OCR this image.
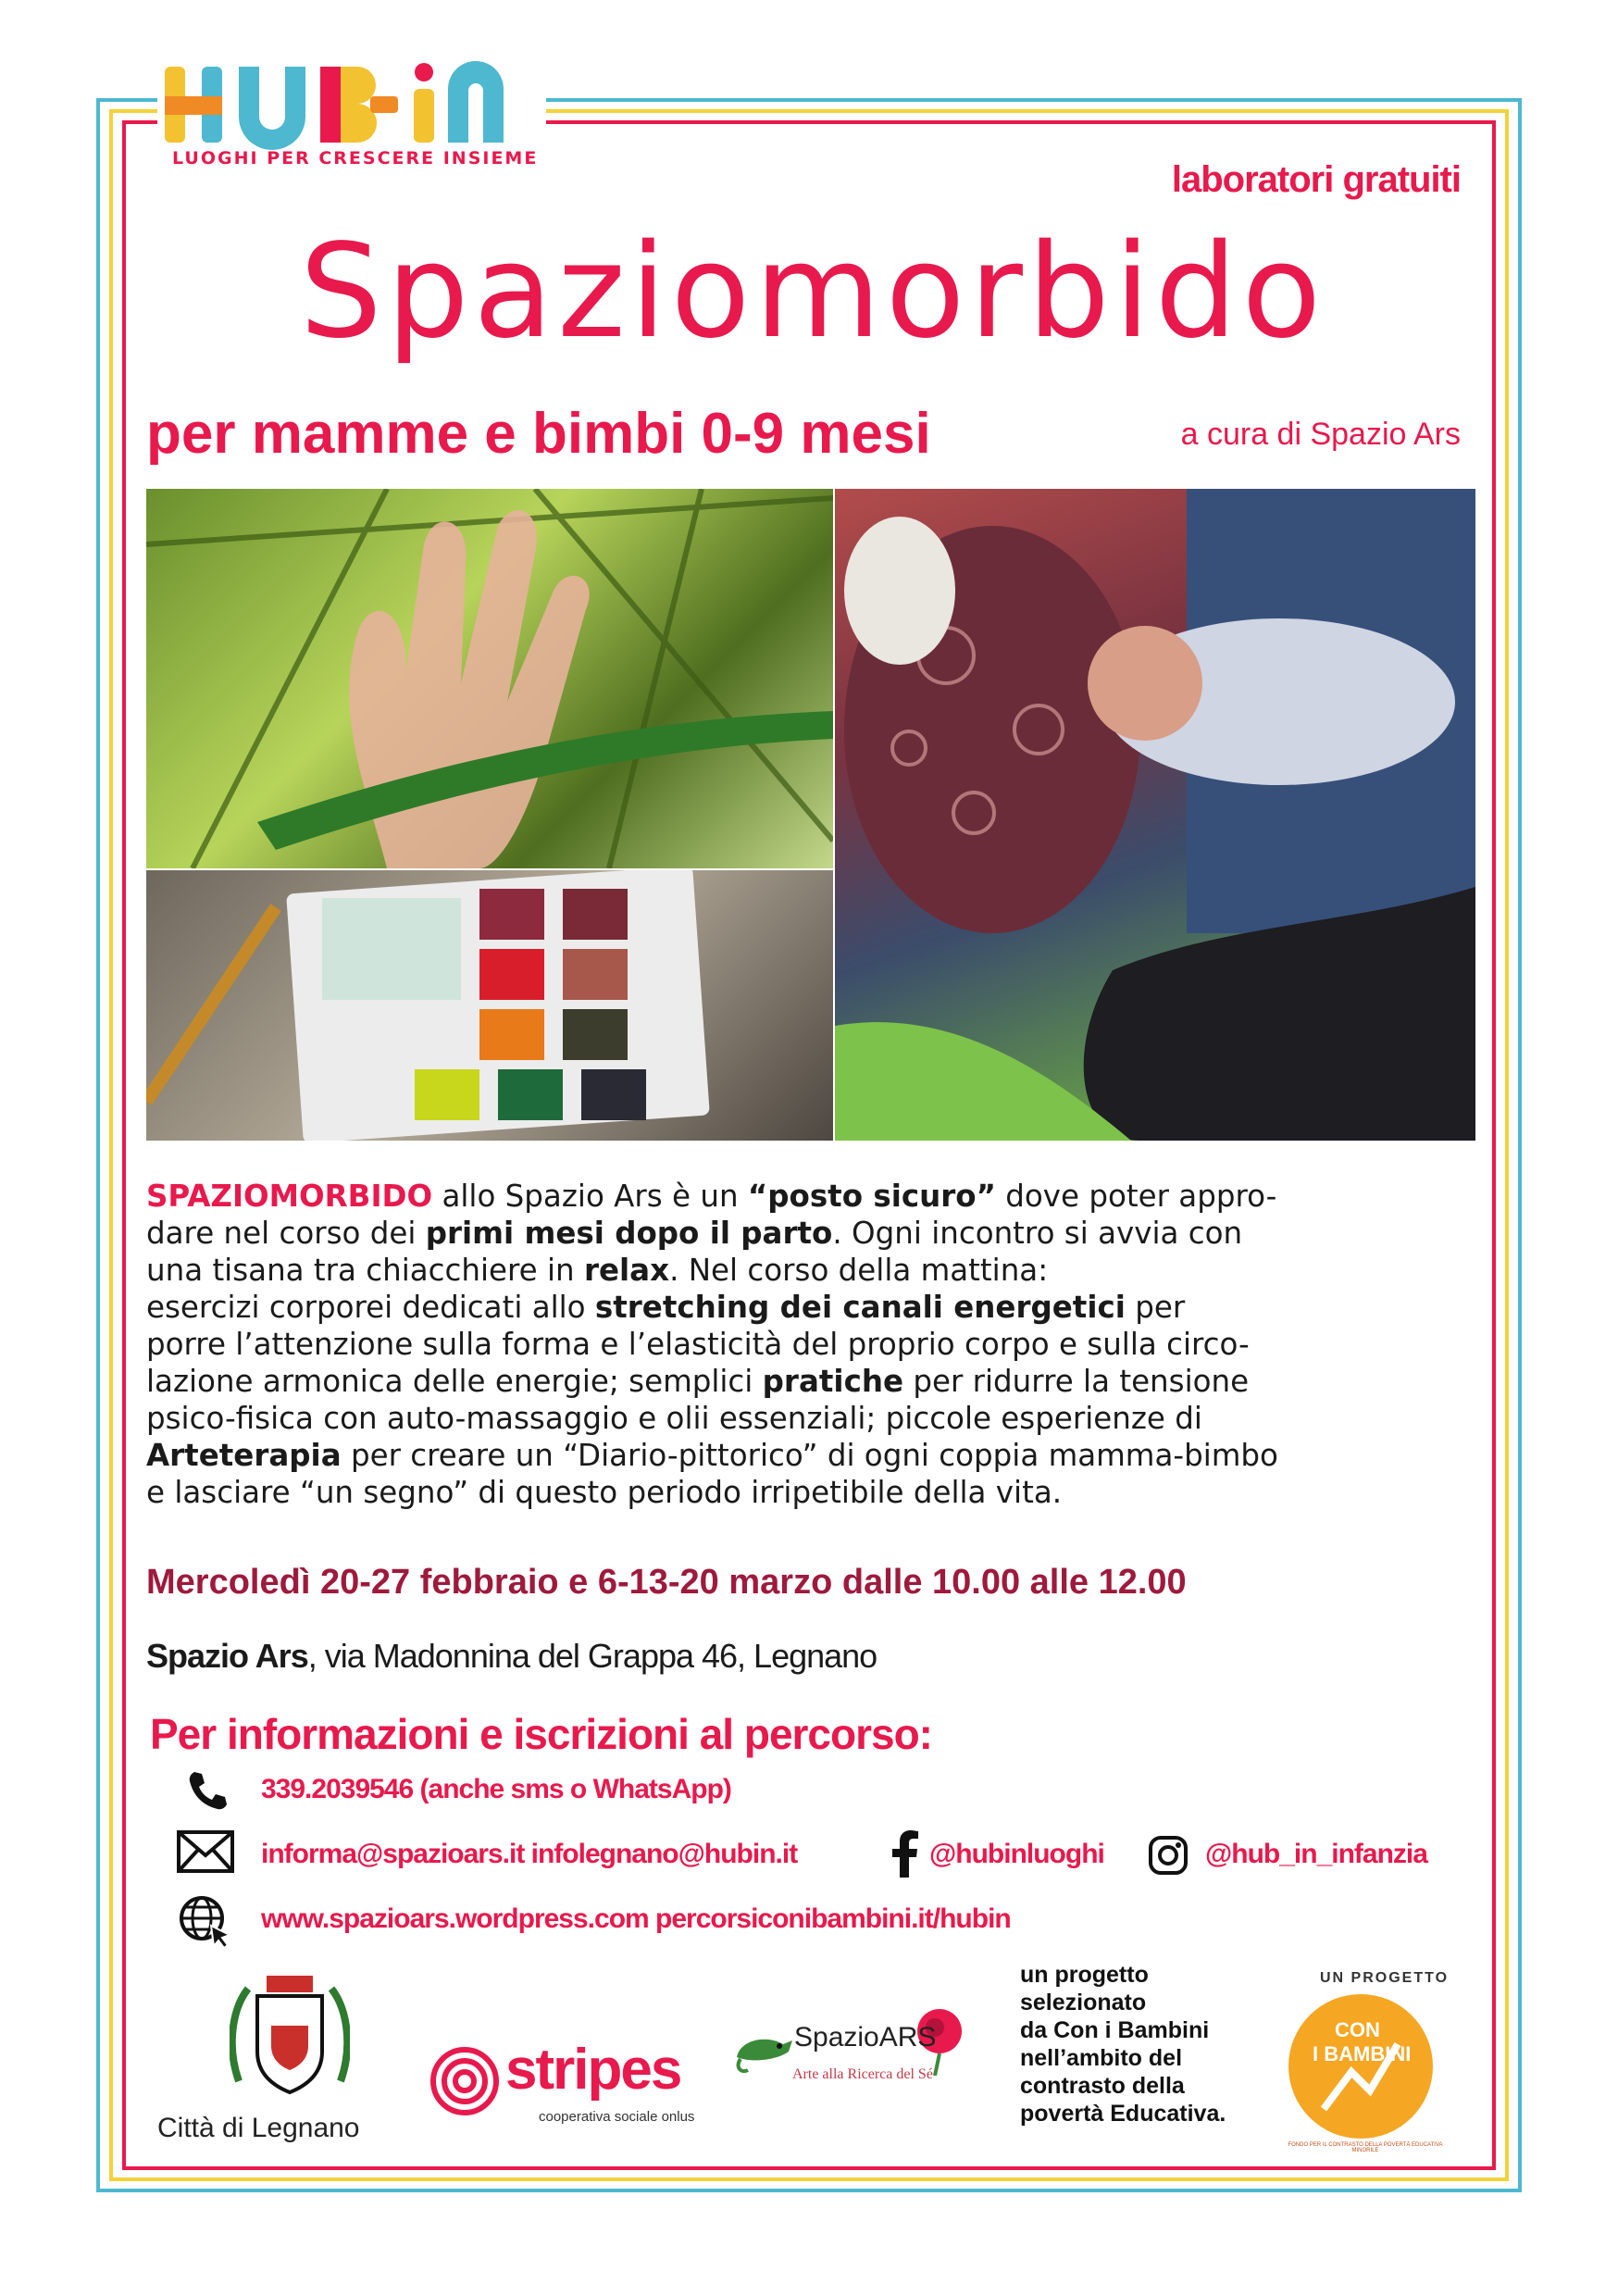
LUOGHI PER CRESCERE INSIEME
laboratori gratuiti
Spaziomorbido
per mamme e bimbi 0-9 mesi	a cura di Spazio Ars
SPAZIOMORBIDO allo Spazio Ars è un “posto sicuro” dove poter appro-
dare nel corso dei primi mesi dopo il parto. Ogni incontro si avvia con
una tisana tra chiacchiere in relax. Nel corso della mattina:
esercizi corporei dedicati allo stretching dei canali energetici per
porre l’attenzione sulla forma e l’elasticità del proprio corpo e sulla circo-
lazione armonica delle energie; semplici pratiche per ridurre la tensione
psico-fisica con auto-massaggio e olii essenziali; piccole esperienze di
Arteterapia per creare un “Diario-pittorico” di ogni coppia mamma-bimbo
e lasciare “un segno” di questo periodo irripetibile della vita.
Mercoledì 20-27 febbraio e 6-13-20 marzo dalle 10.00 alle 12.00
Spazio Ars, via Madonnina del Grappa 46, Legnano
Per informazioni e iscrizioni al percorso:
339.2039546 (anche sms o WhatsApp)
informa@spazioars.it infolegnano@hubin.it	@hubinluoghi	@hub_in_infanzia
www.spazioars.wordpress.com percorsiconibambini.it/hubin
Città di Legnano
stripes
cooperativa sociale onlus
SpazioARS
Arte alla Ricerca del Sé
un progetto
selezionato
da Con i Bambini
nell’ambito del
contrasto della
povertà Educativa.
UN PROGETTO
CON
I BAMBINI
FONDO PER IL CONTRASTO DELLA POVERTÀ EDUCATIVA MINORILE
